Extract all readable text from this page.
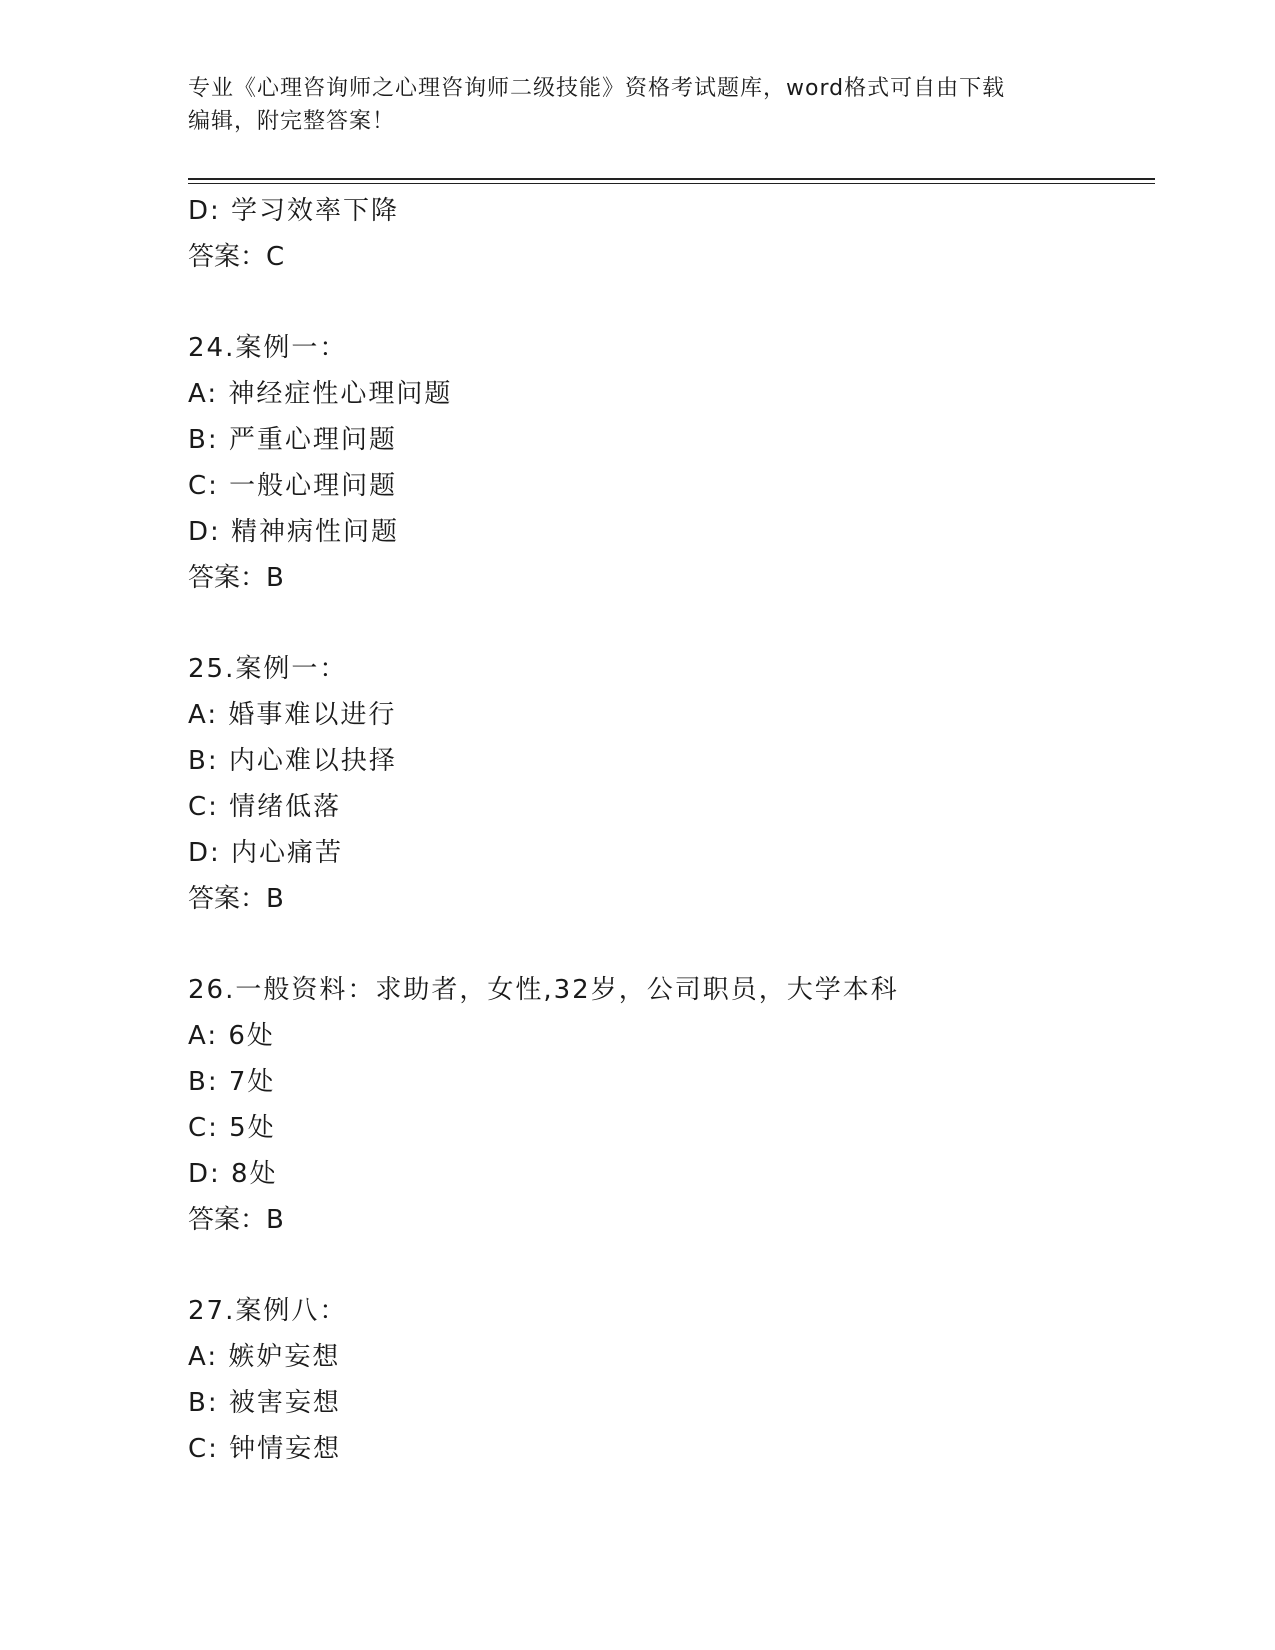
专业《心理咨询师之心理咨询师二级技能》资格考试题库，word格式可自由下载
编辑，附完整答案！
D: 学习效率下降
答案：C
24.案例一：
A: 神经症性心理问题
B: 严重心理问题
C: 一般心理问题
D: 精神病性问题
答案：B
25.案例一：
A: 婚事难以进行
B: 内心难以抉择
C: 情绪低落
D: 内心痛苦
答案：B
26.一般资料：求助者，女性,32岁，公司职员，大学本科
A: 6处
B: 7处
C: 5处
D: 8处
答案：B
27.案例八：
A: 嫉妒妄想
B: 被害妄想
C: 钟情妄想
